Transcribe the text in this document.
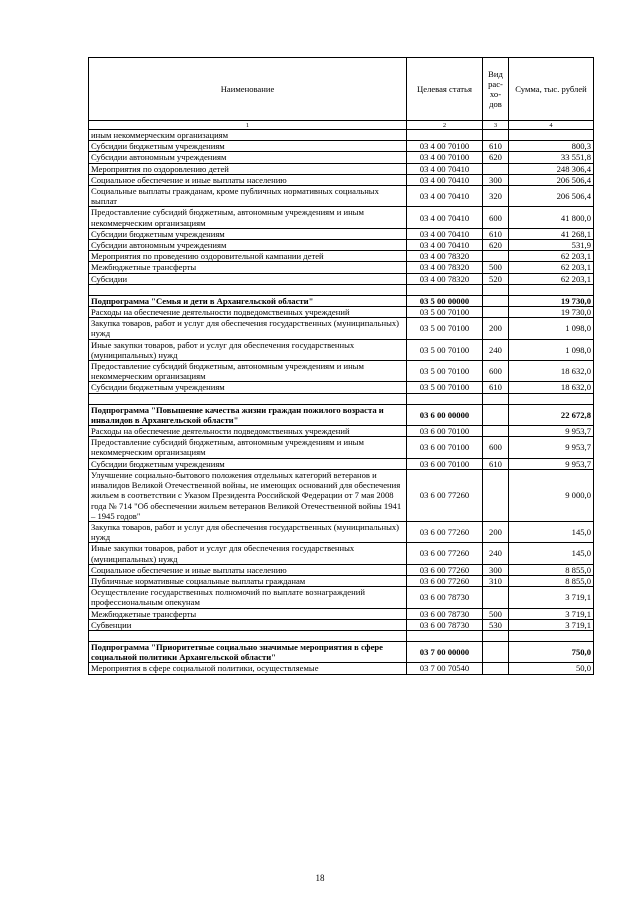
Наименование	Целевая статья	Вид рас- хо- дов	Сумма, тыс. рублей
1	2	3	4
иным некоммерческим организациям			
Субсидии бюджетным учреждениям	03 4 00 70100	610	800,3
Субсидии автономным учреждениям	03 4 00 70100	620	33 551,8
Мероприятия по оздоровлению детей	03 4 00 70410		248 306,4
Социальное обеспечение и иные выплаты населению	03 4 00 70410	300	206 506,4
Социальные выплаты гражданам, кроме публичных нормативных социальных выплат	03 4 00 70410	320	206 506,4
Предоставление субсидий бюджетным, автономным учреждениям и иным некоммерческим организациям	03 4 00 70410	600	41 800,0
Субсидии бюджетным учреждениям	03 4 00 70410	610	41 268,1
Субсидии автономным учреждениям	03 4 00 70410	620	531,9
Мероприятия по проведению оздоровительной кампании детей	03 4 00 78320		62 203,1
Межбюджетные трансферты	03 4 00 78320	500	62 203,1
Субсидии	03 4 00 78320	520	62 203,1

Подпрограмма "Семья и дети в Архангельской области"	03 5 00 00000		19 730,0
Расходы на обеспечение деятельности подведомственных учреждений	03 5 00 70100		19 730,0
Закупка товаров, работ и услуг для обеспечения государственных (муниципальных) нужд	03 5 00 70100	200	1 098,0
Иные закупки товаров, работ и услуг для обеспечения государственных (муниципальных) нужд	03 5 00 70100	240	1 098,0
Предоставление субсидий бюджетным, автономным учреждениям и иным некоммерческим организациям	03 5 00 70100	600	18 632,0
Субсидии бюджетным учреждениям	03 5 00 70100	610	18 632,0

Подпрограмма "Повышение качества жизни граждан пожилого возраста и инвалидов в Архангельской области"	03 6 00 00000		22 672,8
Расходы на обеспечение деятельности подведомственных учреждений	03 6 00 70100		9 953,7
Предоставление субсидий бюджетным, автономным учреждениям и иным некоммерческим организациям	03 6 00 70100	600	9 953,7
Субсидии бюджетным учреждениям	03 6 00 70100	610	9 953,7
Улучшение социально-бытового положения отдельных категорий ветеранов и инвалидов Великой Отечественной войны, не имеющих оснований для обеспечения жильем в соответствии с Указом Президента Российской Федерации от 7 мая 2008 года № 714 "Об обеспечении жильем ветеранов Великой Отечественной войны 1941 – 1945 годов"	03 6 00 77260		9 000,0
Закупка товаров, работ и услуг для обеспечения государственных (муниципальных) нужд	03 6 00 77260	200	145,0
Иные закупки товаров, работ и услуг для обеспечения государственных (муниципальных) нужд	03 6 00 77260	240	145,0
Социальное обеспечение и иные выплаты населению	03 6 00 77260	300	8 855,0
Публичные нормативные социальные выплаты гражданам	03 6 00 77260	310	8 855,0
Осуществление государственных полномочий по выплате вознаграждений профессиональным опекунам	03 6 00 78730		3 719,1
Межбюджетные трансферты	03 6 00 78730	500	3 719,1
Субвенции	03 6 00 78730	530	3 719,1

Подпрограмма "Приоритетные социально значимые мероприятия в сфере социальной политики Архангельской области"	03 7 00 00000		750,0
Мероприятия в сфере социальной политики, осуществляемые	03 7 00 70540		50,0
18
